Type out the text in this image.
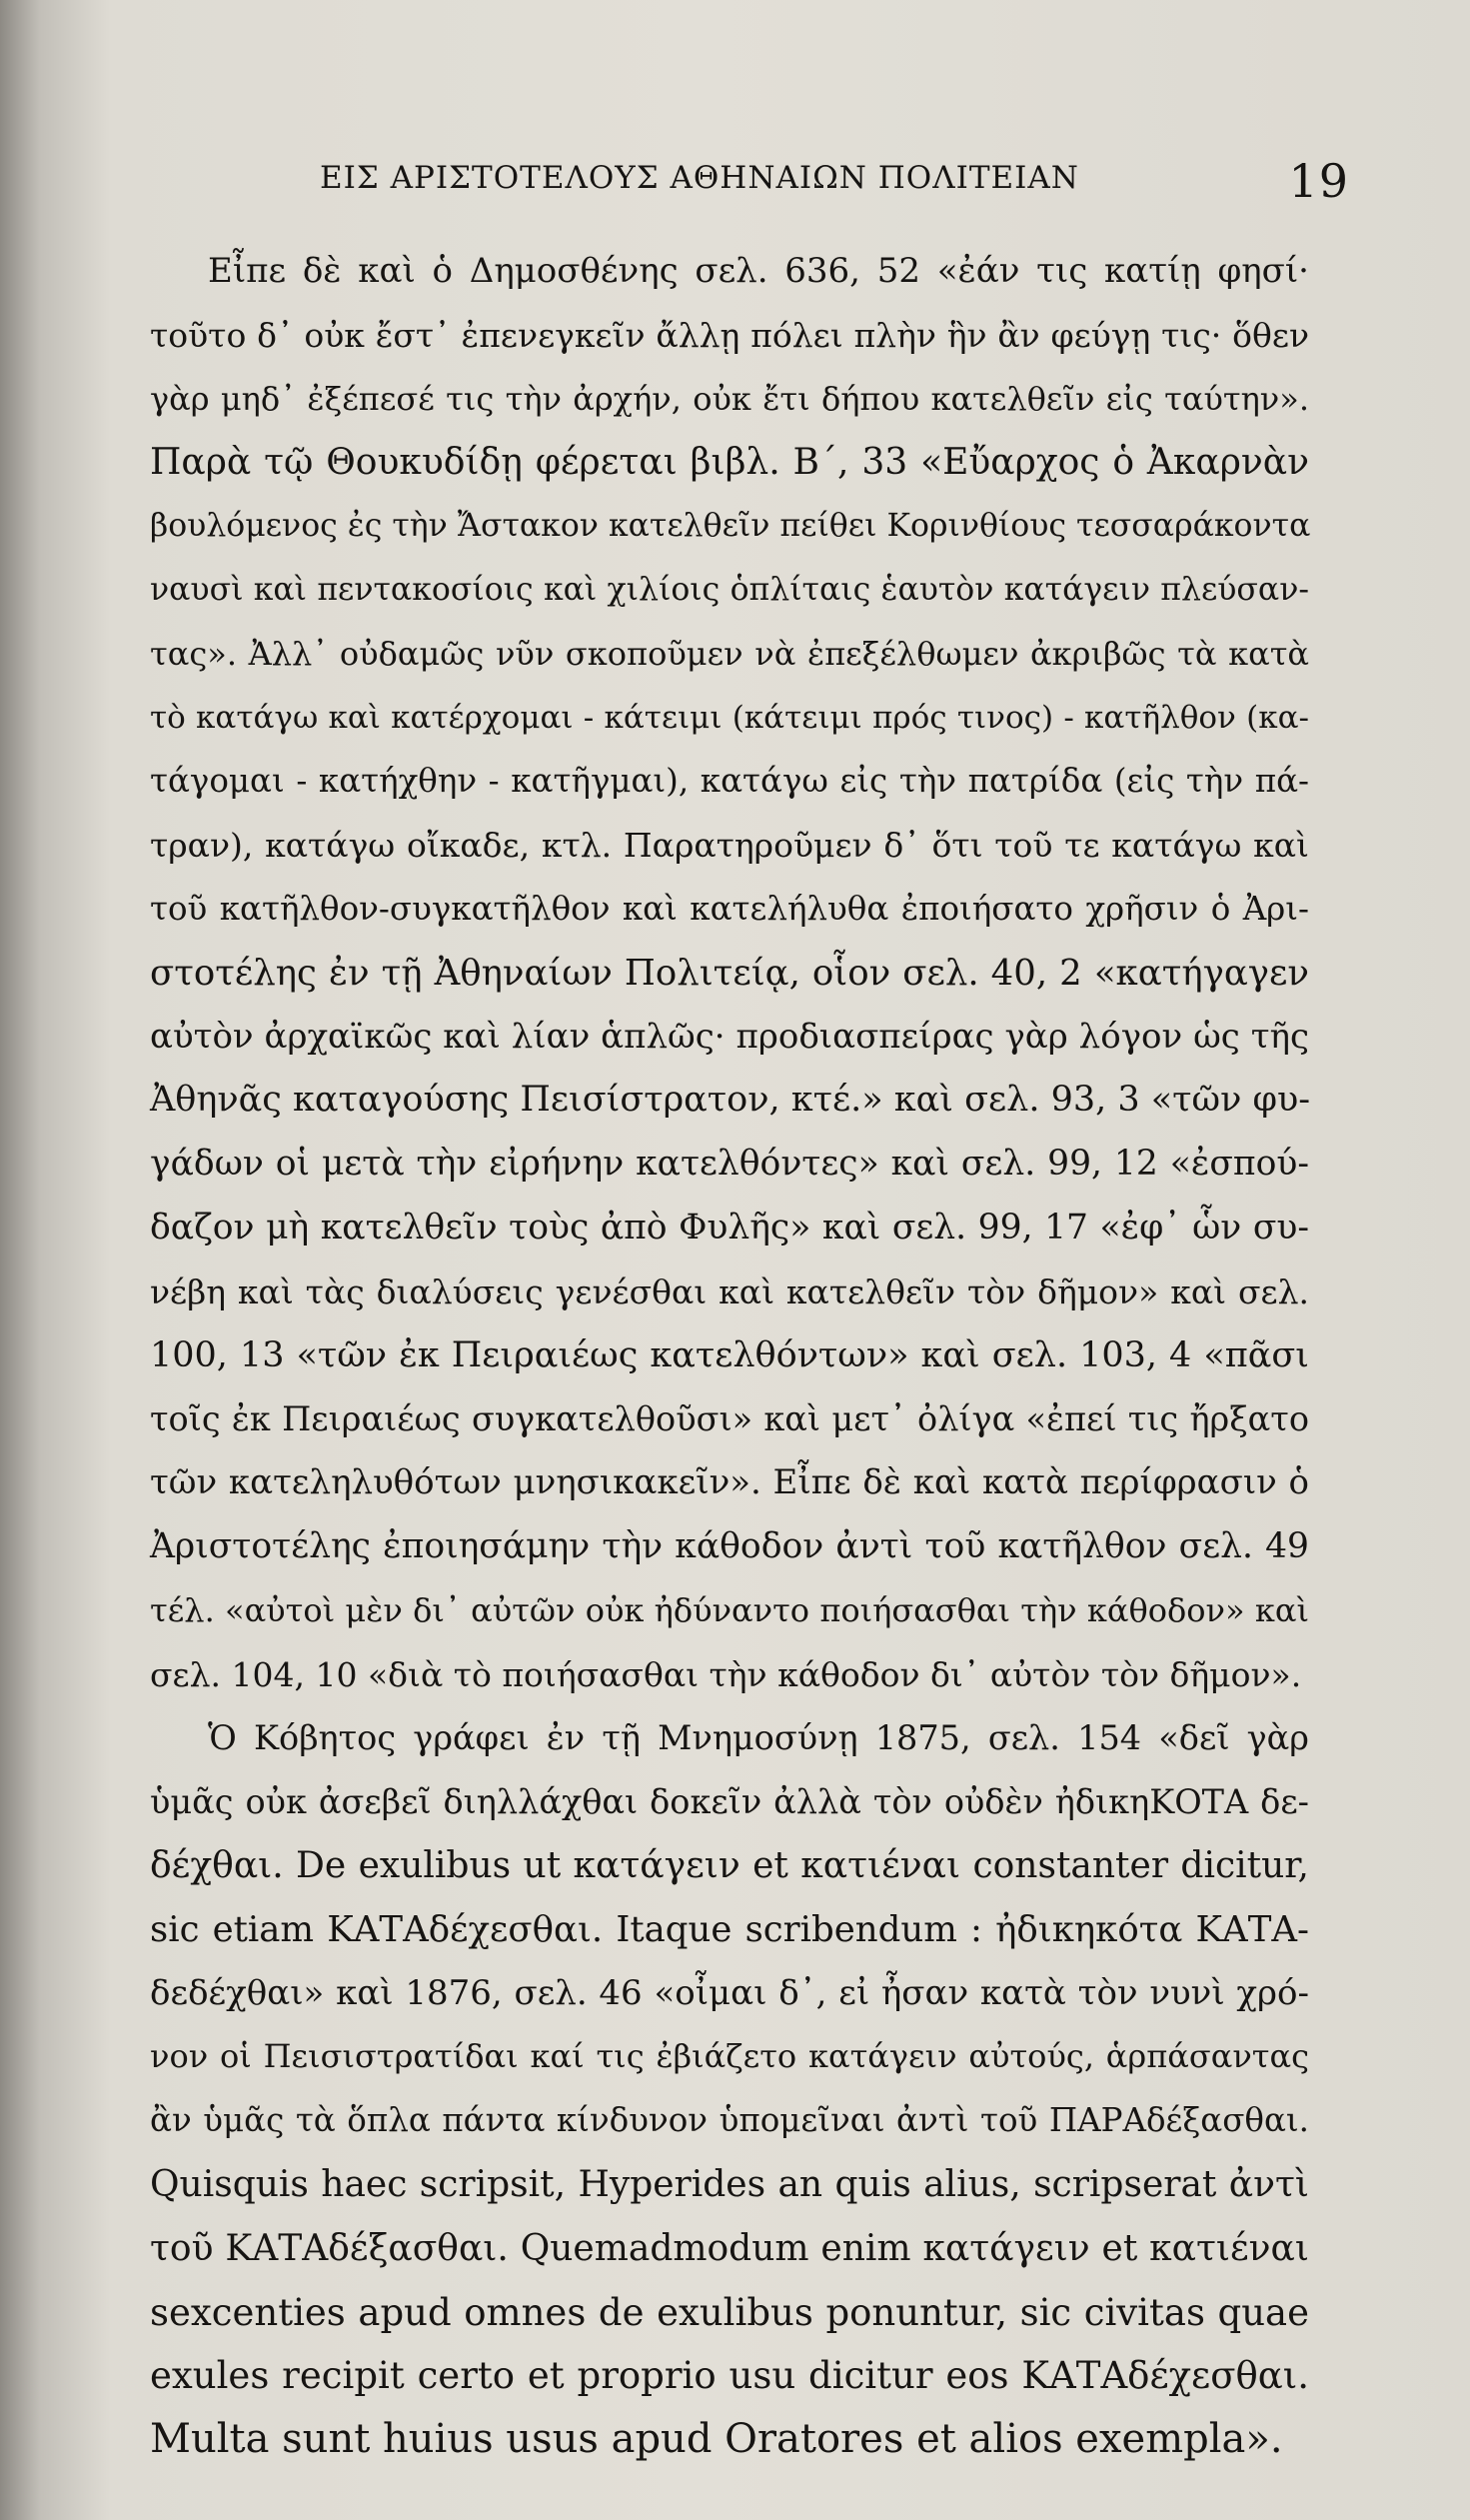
ΕΙΣ ΑΡΙΣΤΟΤΕΛΟΥΣ ΑΘΗΝΑΙΩΝ ΠΟΛΙΤΕΙΑΝ	19
Εἶπε δὲ καὶ ὁ Δημοσθένης σελ. 636, 52 «ἐάν τις κατίῃ φησί·
τοῦτο δ᾿ οὐκ ἔστ᾿ ἐπενεγκεῖν ἄλλῃ πόλει πλὴν ἣν ἂν φεύγῃ τις· ὅθεν
γὰρ μηδ᾿ ἐξέπεσέ τις τὴν ἀρχήν, οὐκ ἔτι δήπου κατελθεῖν εἰς ταύτην».
Παρὰ τῷ Θουκυδίδῃ φέρεται βιβλ. Β΄, 33 «Εὔαρχος ὁ Ἀκαρνὰν
βουλόμενος ἐς τὴν Ἄστακον κατελθεῖν πείθει Κορινθίους τεσσαράκοντα
ναυσὶ καὶ πεντακοσίοις καὶ χιλίοις ὁπλίταις ἑαυτὸν κατάγειν πλεύσαν-
τας». Ἀλλ᾿ οὐδαμῶς νῦν σκοποῦμεν νὰ ἐπεξέλθωμεν ἀκριβῶς τὰ κατὰ
τὸ κατάγω καὶ κατέρχομαι - κάτειμι (κάτειμι πρός τινος) - κατῆλθον (κα-
τάγομαι - κατήχθην - κατῆγμαι), κατάγω εἰς τὴν πατρίδα (εἰς τὴν πά-
τραν), κατάγω οἴκαδε, κτλ. Παρατηροῦμεν δ᾿ ὅτι τοῦ τε κατάγω καὶ
τοῦ κατῆλθον-συγκατῆλθον καὶ κατελήλυθα ἐποιήσατο χρῆσιν ὁ Ἀρι-
στοτέλης ἐν τῇ Ἀθηναίων Πολιτείᾳ, οἷον σελ. 40, 2 «κατήγαγεν
αὐτὸν ἀρχαϊκῶς καὶ λίαν ἁπλῶς· προδιασπείρας γὰρ λόγον ὡς τῆς
Ἀθηνᾶς καταγούσης Πεισίστρατον, κτέ.» καὶ σελ. 93, 3 «τῶν φυ-
γάδων οἱ μετὰ τὴν εἰρήνην κατελθόντες» καὶ σελ. 99, 12 «ἐσπού-
δαζον μὴ κατελθεῖν τοὺς ἀπὸ Φυλῆς» καὶ σελ. 99, 17 «ἐφ᾿ ὧν συ-
νέβη καὶ τὰς διαλύσεις γενέσθαι καὶ κατελθεῖν τὸν δῆμον» καὶ σελ.
100, 13 «τῶν ἐκ Πειραιέως κατελθόντων» καὶ σελ. 103, 4 «πᾶσι
τοῖς ἐκ Πειραιέως συγκατελθοῦσι» καὶ μετ᾿ ὀλίγα «ἐπεί τις ἤρξατο
τῶν κατεληλυθότων μνησικακεῖν». Εἶπε δὲ καὶ κατὰ περίφρασιν ὁ
Ἀριστοτέλης ἐποιησάμην τὴν κάθοδον ἀντὶ τοῦ κατῆλθον σελ. 49
τέλ. «αὐτοὶ μὲν δι᾿ αὐτῶν οὐκ ἠδύναντο ποιήσασθαι τὴν κάθοδον» καὶ
σελ. 104, 10 «διὰ τὸ ποιήσασθαι τὴν κάθοδον δι᾿ αὐτὸν τὸν δῆμον».
Ὁ Κόβητος γράφει ἐν τῇ Μνημοσύνῃ 1875, σελ. 154 «δεῖ γὰρ
ὑμᾶς οὐκ ἀσεβεῖ διηλλάχθαι δοκεῖν ἀλλὰ τὸν οὐδὲν ἠδικηΚΟΤΑ δε-
δέχθαι. De exulibus ut κατάγειν et κατιέναι constanter dicitur,
sic etiam ΚΑΤΑδέχεσθαι. Itaque scribendum : ἠδικηκότα ΚΑΤΑ-
δεδέχθαι» καὶ 1876, σελ. 46 «οἶμαι δ᾿, εἰ ἦσαν κατὰ τὸν νυνὶ χρό-
νον οἱ Πεισιστρατίδαι καί τις ἐβιάζετο κατάγειν αὐτούς, ἁρπάσαντας
ἂν ὑμᾶς τὰ ὅπλα πάντα κίνδυνον ὑπομεῖναι ἀντὶ τοῦ ΠΑΡΑδέξασθαι.
Quisquis haec scripsit, Hyperides an quis alius, scripserat ἀντὶ
τοῦ ΚΑΤΑδέξασθαι. Quemadmodum enim κατάγειν et κατιέναι
sexcenties apud omnes de exulibus ponuntur, sic civitas quae
exules recipit certo et proprio usu dicitur eos ΚΑΤΑδέχεσθαι.
Multa sunt huius usus apud Oratores et alios exempla».
